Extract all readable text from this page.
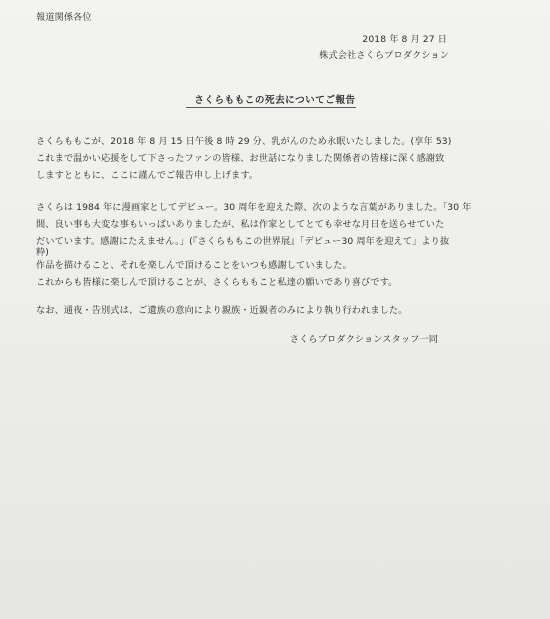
報道関係各位
2018 年 8 月 27 日
株式会社さくらプロダクション
さくらももこの死去についてご報告
さくらももこが、2018 年 8 月 15 日午後 8 時 29 分、乳がんのため永眠いたしました。(享年 53)
これまで温かい応援をして下さったファンの皆様、お世話になりました関係者の皆様に深く感謝致
しますとともに、ここに謹んでご報告申し上げます。
さくらは 1984 年に漫画家としてデビュー。30 周年を迎えた際、次のような言葉がありました。「30 年
間、良い事も大変な事もいっぱいありましたが、私は作家としてとても幸せな月日を送らせていた
だいています。感謝にたえません。」(『さくらももこの世界展』「デビュー30 周年を迎えて」より抜
粋)
作品を描けること、それを楽しんで頂けることをいつも感謝していました。
これからも皆様に楽しんで頂けることが、さくらももこと私達の願いであり喜びです。
なお、通夜・告別式は、ご遺族の意向により親族・近親者のみにより執り行われました。
さくらプロダクションスタッフ一同
